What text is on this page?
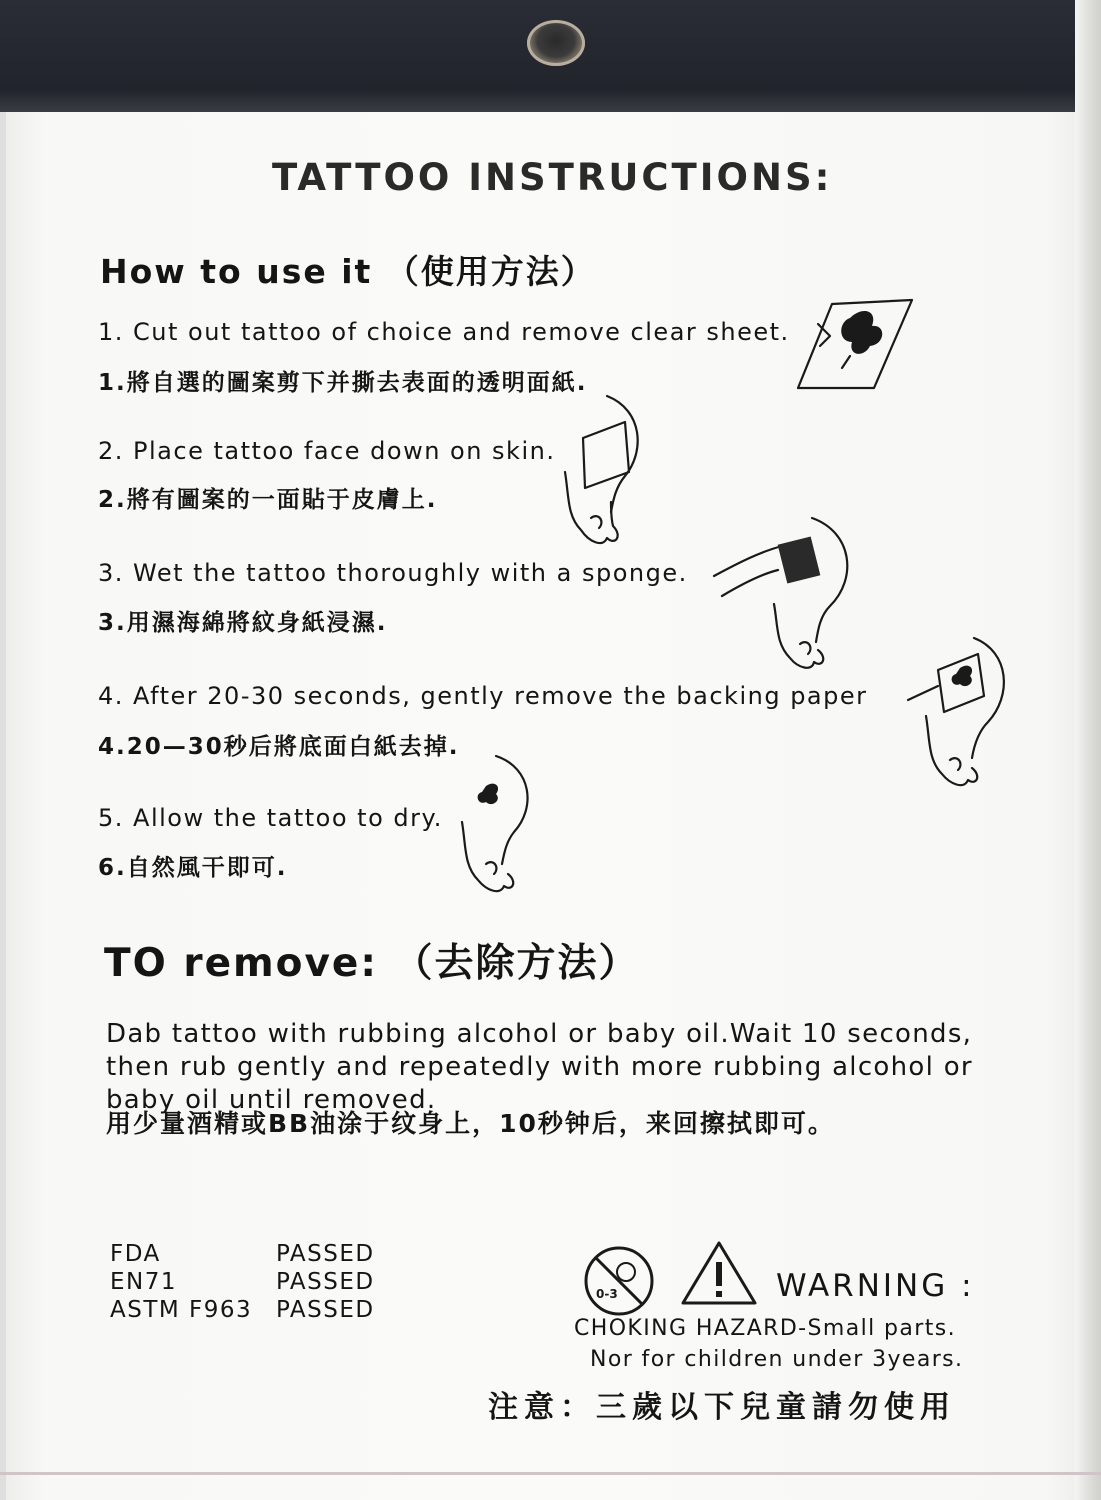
TATTOO INSTRUCTIONS:
How to use it （使用方法）

1. Cut out tattoo of choice and remove clear sheet.

1.將自選的圖案剪下并撕去表面的透明面紙.

2. Place tattoo face down on skin.

2.將有圖案的一面貼于皮膚上.

3. Wet the tattoo thoroughly with a sponge.

3.用濕海綿將紋身紙浸濕.

4. After 20-30 seconds, gently remove the backing paper

4.20—30秒后將底面白紙去掉.

5. Allow the tattoo to dry.

6.自然風干即可.

TO remove: （去除方法）

Dab tattoo with rubbing alcohol or baby oil.Wait 10 seconds,
then rub gently and repeatedly with more rubbing alcohol or
baby oil until removed.

用少量酒精或BB油涂于纹身上，10秒钟后，来回擦拭即可。

FDA	PASSED
EN71	PASSED
ASTM F963 PASSED
0-3	WARNING :
CHOKING HAZARD-Small parts.
Nor for children under 3years.
注意：三歲以下兒童請勿使用
